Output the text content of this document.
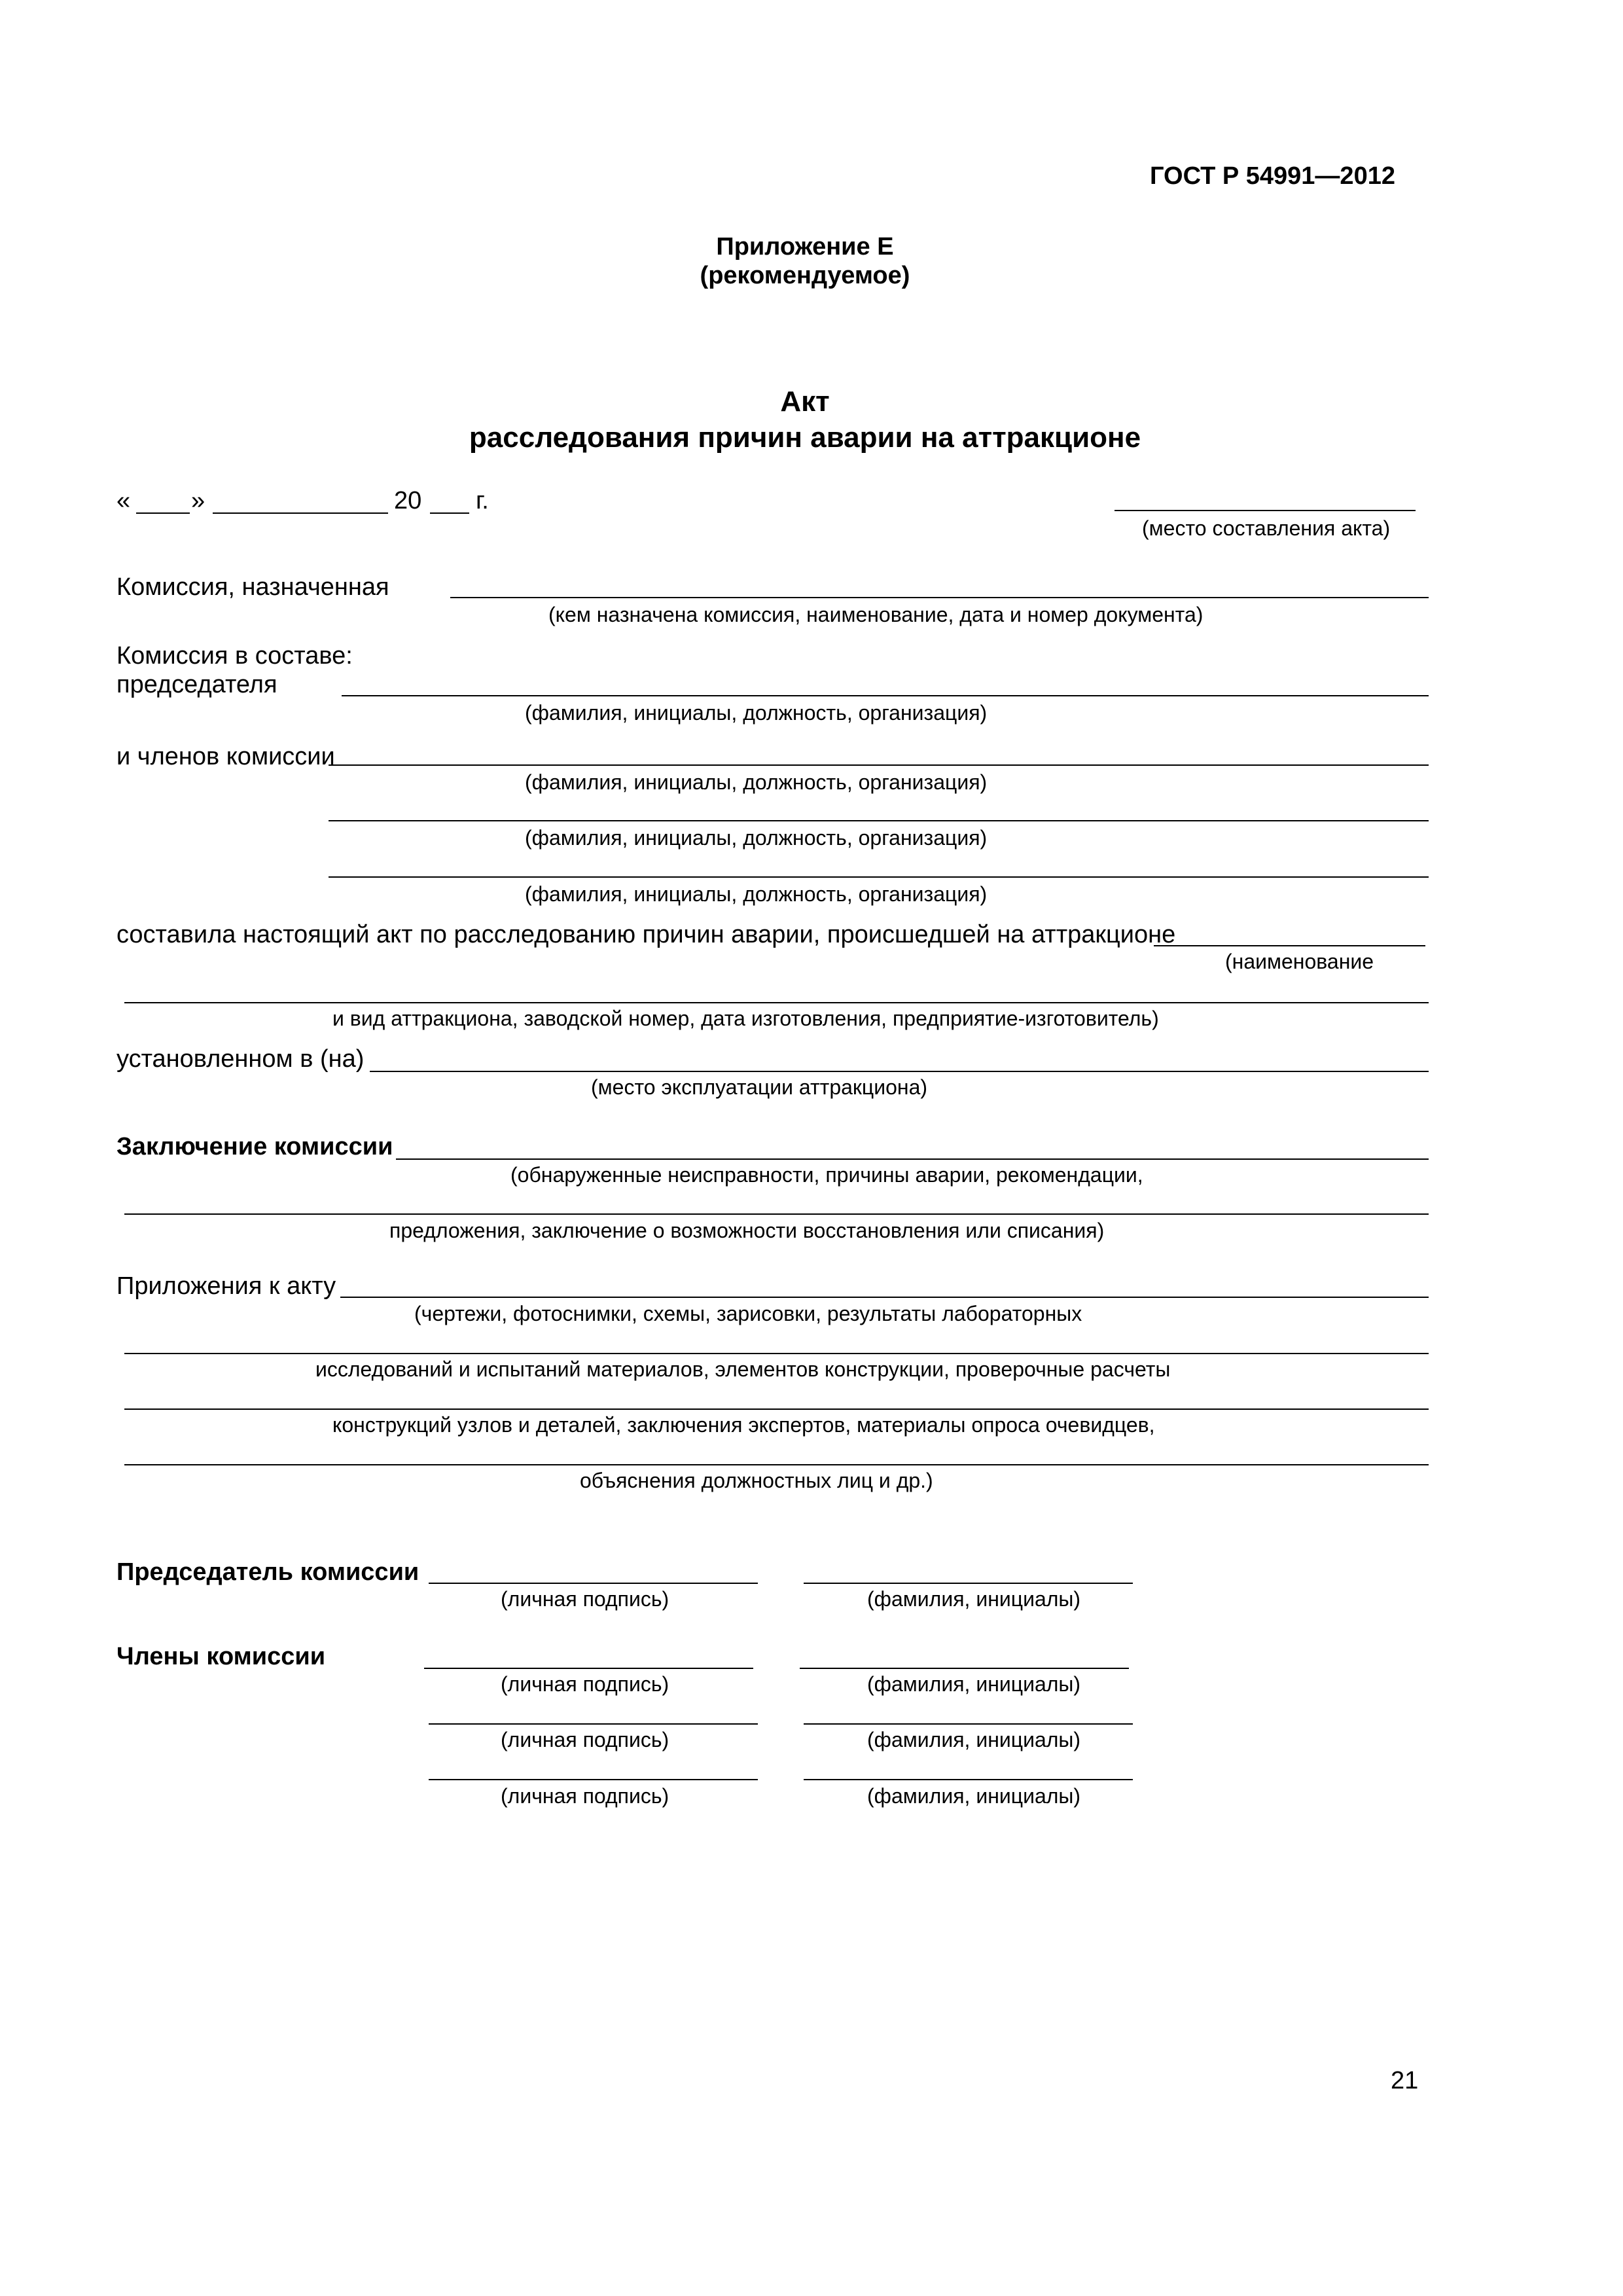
ГОСТ Р 54991—2012
Приложение Е
(рекомендуемое)
Акт
расследования причин аварии на аттракционе
« »	20 г.
(место составления акта)
Комиссия, назначенная
(кем назначена комиссия, наименование, дата и номер документа)
Комиссия в составе:
председателя
(фамилия, инициалы, должность, организация)
и членов комиссии
(фамилия, инициалы, должность, организация)
(фамилия, инициалы, должность, организация)
(фамилия, инициалы, должность, организация)
составила настоящий акт по расследованию причин аварии, происшедшей на аттракционе
(наименование
и вид аттракциона, заводской номер, дата изготовления, предприятие-изготовитель)
установленном в (на)
(место эксплуатации аттракциона)
Заключение комиссии
(обнаруженные неисправности, причины аварии, рекомендации,
предложения, заключение о возможности восстановления или списания)
Приложения к акту
(чертежи, фотоснимки, схемы, зарисовки, результаты лабораторных
исследований и испытаний материалов, элементов конструкции, проверочные расчеты
конструкций узлов и деталей, заключения экспертов, материалы опроса очевидцев,
объяснения должностных лиц и др.)
Председатель комиссии
(личная подпись)	(фамилия, инициалы)
Члены комиссии
(личная подпись)	(фамилия, инициалы)
(личная подпись)	(фамилия, инициалы)
(личная подпись)	(фамилия, инициалы)
21
